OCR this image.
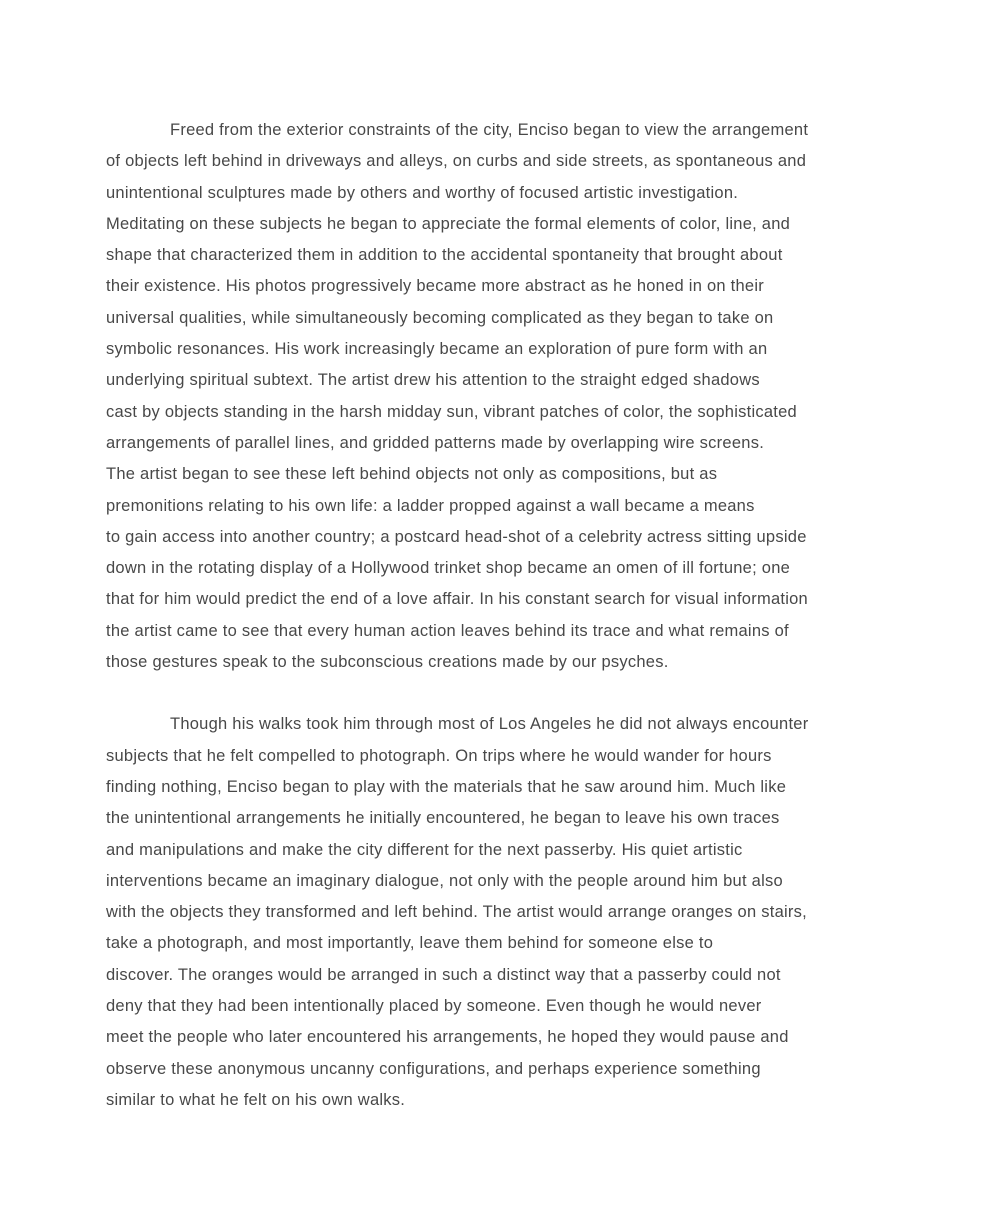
Freed from the exterior constraints of the city, Enciso began to view the arrangement
of objects left behind in driveways and alleys, on curbs and side streets, as spontaneous and
unintentional sculptures made by others and worthy of focused artistic investigation.
Meditating on these subjects he began to appreciate the formal elements of color, line, and
shape that characterized them in addition to the accidental spontaneity that brought about
their existence. His photos progressively became more abstract as he honed in on their
universal qualities, while simultaneously becoming complicated as they began to take on
symbolic resonances. His work increasingly became an exploration of pure form with an
underlying spiritual subtext. The artist drew his attention to the straight edged shadows
cast by objects standing in the harsh midday sun, vibrant patches of color, the sophisticated
arrangements of parallel lines, and gridded patterns made by overlapping wire screens.
The artist began to see these left behind objects not only as compositions, but as
premonitions relating to his own life: a ladder propped against a wall became a means
to gain access into another country; a postcard head-shot of a celebrity actress sitting upside
down in the rotating display of a Hollywood trinket shop became an omen of ill fortune; one
that for him would predict the end of a love affair. In his constant search for visual information
the artist came to see that every human action leaves behind its trace and what remains of
those gestures speak to the subconscious creations made by our psyches.
Though his walks took him through most of Los Angeles he did not always encounter
subjects that he felt compelled to photograph. On trips where he would wander for hours
finding nothing, Enciso began to play with the materials that he saw around him. Much like
the unintentional arrangements he initially encountered, he began to leave his own traces
and manipulations and make the city different for the next passerby. His quiet artistic
interventions became an imaginary dialogue, not only with the people around him but also
with the objects they transformed and left behind. The artist would arrange oranges on stairs,
take a photograph, and most importantly, leave them behind for someone else to
discover. The oranges would be arranged in such a distinct way that a passerby could not
deny that they had been intentionally placed by someone. Even though he would never
meet the people who later encountered his arrangements, he hoped they would pause and
observe these anonymous uncanny configurations, and perhaps experience something
similar to what he felt on his own walks.
